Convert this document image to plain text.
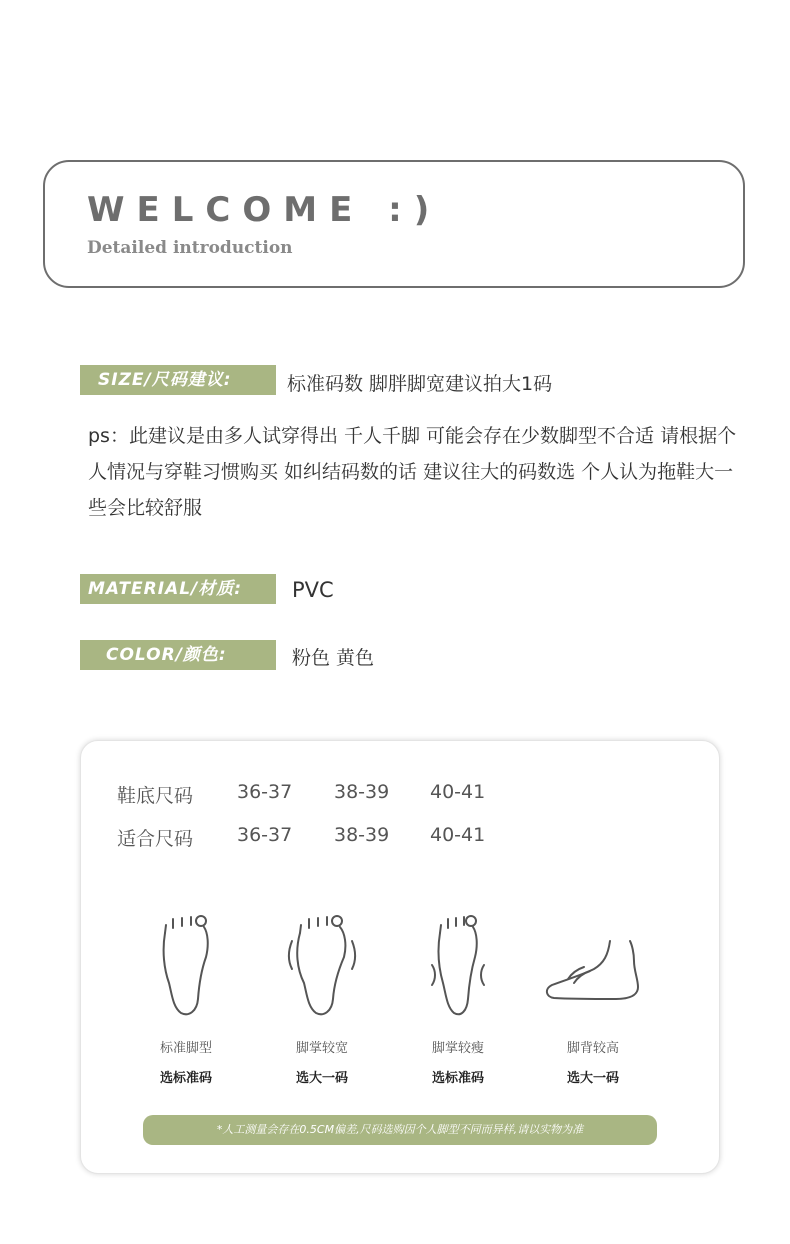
WELCOME :)
Detailed introduction
SIZE/尺码建议:	标准码数 脚胖脚宽建议拍大1码
ps：此建议是由多人试穿得出 千人千脚 可能会存在少数脚型不合适 请根据个人情况与穿鞋习惯购买 如纠结码数的话 建议往大的码数选 个人认为拖鞋大一些会比较舒服
MATERIAL/材质:	PVC
COLOR/颜色:	粉色 黄色
鞋底尺码 36-37 38-39 40-41
适合尺码 36-37 38-39 40-41
标准脚型
选标准码
脚掌较宽
选大一码
脚掌较瘦
选标准码
脚背较高
选大一码
*人工测量会存在0.5CM偏差,尺码选购因个人脚型不同而异样,请以实物为准
